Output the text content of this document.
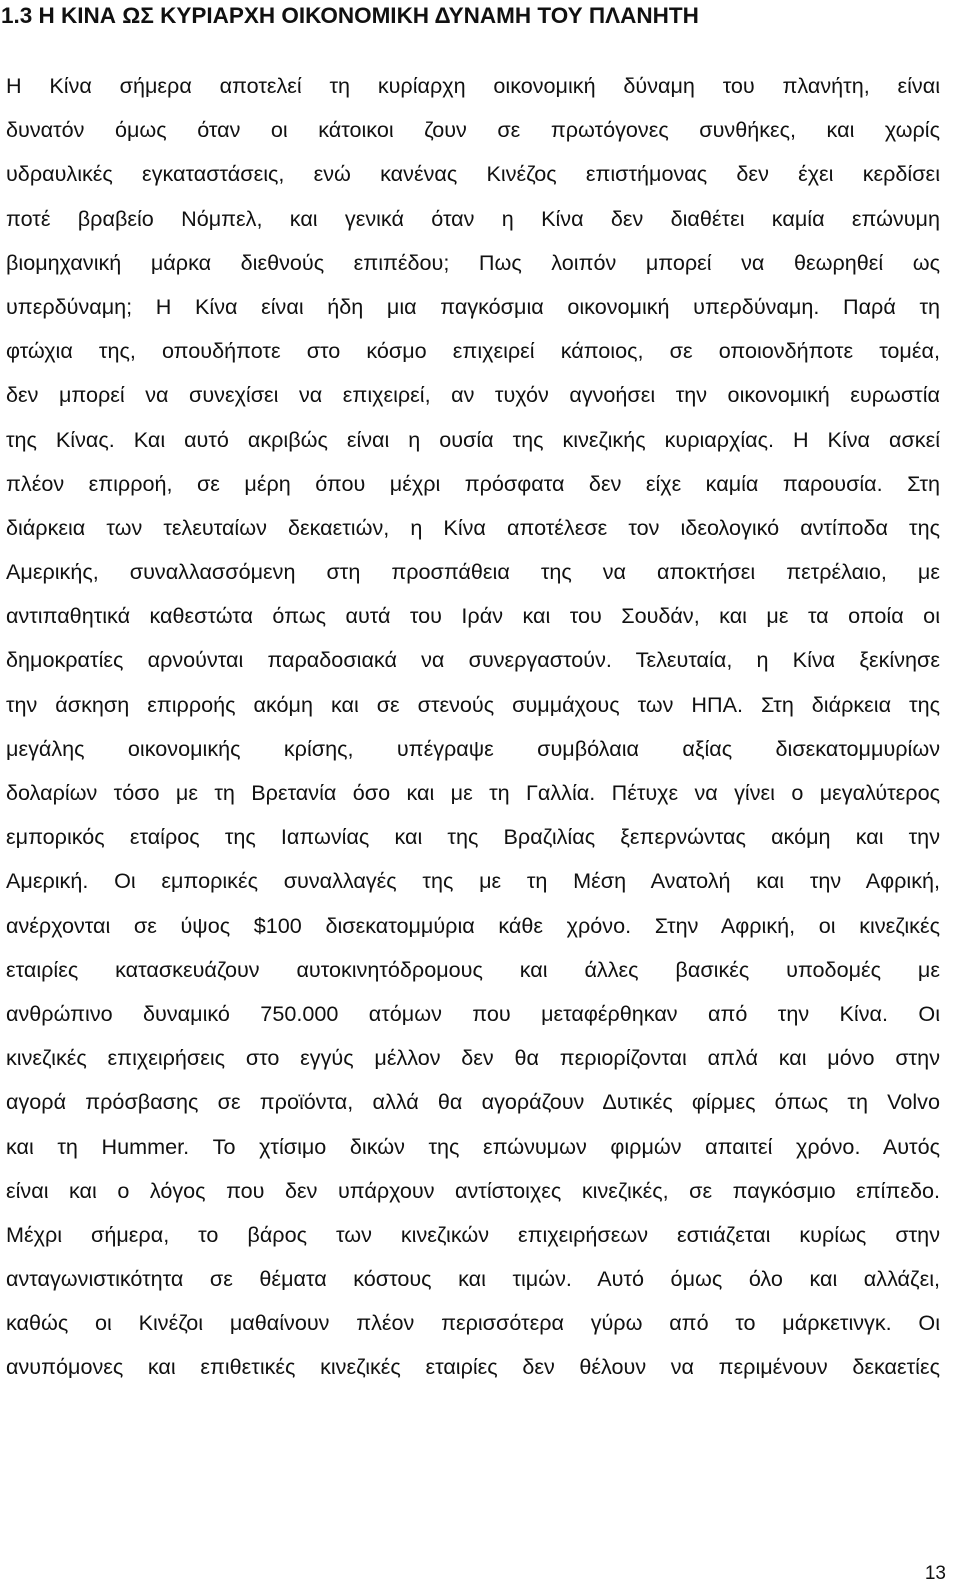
1.3 Η ΚΙΝΑ ΩΣ ΚΥΡΙΑΡΧΗ ΟΙΚΟΝΟΜΙΚΗ ΔΥΝΑΜΗ ΤΟΥ ΠΛΑΝΗΤΗ
Η Κίνα σήμερα αποτελεί τη κυρίαρχη οικονομική δύναμη του πλανήτη, είναι
δυνατόν όμως όταν οι κάτοικοι ζουν σε πρωτόγονες συνθήκες, και χωρίς
υδραυλικές εγκαταστάσεις, ενώ κανένας Κινέζος επιστήμονας δεν έχει κερδίσει
ποτέ βραβείο Νόμπελ, και γενικά όταν η Κίνα δεν διαθέτει καμία επώνυμη
βιομηχανική μάρκα διεθνούς επιπέδου; Πως λοιπόν μπορεί να θεωρηθεί ως
υπερδύναμη; Η Κίνα είναι ήδη μια παγκόσμια οικονομική υπερδύναμη. Παρά τη
φτώχια της, οπουδήποτε στο κόσμο επιχειρεί κάποιος, σε οποιονδήποτε τομέα,
δεν μπορεί να συνεχίσει να επιχειρεί, αν τυχόν αγνοήσει την οικονομική ευρωστία
της Κίνας. Και αυτό ακριβώς είναι η ουσία της κινεζικής κυριαρχίας. Η Κίνα ασκεί
πλέον επιρροή, σε μέρη όπου μέχρι πρόσφατα δεν είχε καμία παρουσία. Στη
διάρκεια των τελευταίων δεκαετιών, η Κίνα αποτέλεσε τον ιδεολογικό αντίποδα της
Αμερικής, συναλλασσόμενη στη προσπάθεια της να αποκτήσει πετρέλαιο, με
αντιπαθητικά καθεστώτα όπως αυτά του Ιράν και του Σουδάν, και με τα οποία οι
δημοκρατίες αρνούνται παραδοσιακά να συνεργαστούν. Τελευταία, η Κίνα ξεκίνησε
την άσκηση επιρροής ακόμη και σε στενούς συμμάχους των ΗΠΑ. Στη διάρκεια της
μεγάλης οικονομικής κρίσης, υπέγραψε συμβόλαια αξίας δισεκατομμυρίων
δολαρίων τόσο με τη Βρετανία όσο και με τη Γαλλία. Πέτυχε να γίνει ο μεγαλύτερος
εμπορικός εταίρος της Ιαπωνίας και της Βραζιλίας ξεπερνώντας ακόμη και την
Αμερική. Οι εμπορικές συναλλαγές της με τη Μέση Ανατολή και την Αφρική,
ανέρχονται σε ύψος $100 δισεκατομμύρια κάθε χρόνο. Στην Αφρική, οι κινεζικές
εταιρίες κατασκευάζουν αυτοκινητόδρομους και άλλες βασικές υποδομές με
ανθρώπινο δυναμικό 750.000 ατόμων που μεταφέρθηκαν από την Κίνα. Οι
κινεζικές επιχειρήσεις στο εγγύς μέλλον δεν θα περιορίζονται απλά και μόνο στην
αγορά πρόσβασης σε προϊόντα, αλλά θα αγοράζουν Δυτικές φίρμες όπως τη Volvo
και τη Hummer. Το χτίσιμο δικών της επώνυμων φιρμών απαιτεί χρόνο. Αυτός
είναι και ο λόγος που δεν υπάρχουν αντίστοιχες κινεζικές, σε παγκόσμιο επίπεδο.
Μέχρι σήμερα, το βάρος των κινεζικών επιχειρήσεων εστιάζεται κυρίως στην
ανταγωνιστικότητα σε θέματα κόστους και τιμών. Αυτό όμως όλο και αλλάζει,
καθώς οι Κινέζοι μαθαίνουν πλέον περισσότερα γύρω από το μάρκετινγκ. Οι
ανυπόμονες και επιθετικές κινεζικές εταιρίες δεν θέλουν να περιμένουν δεκαετίες

13
